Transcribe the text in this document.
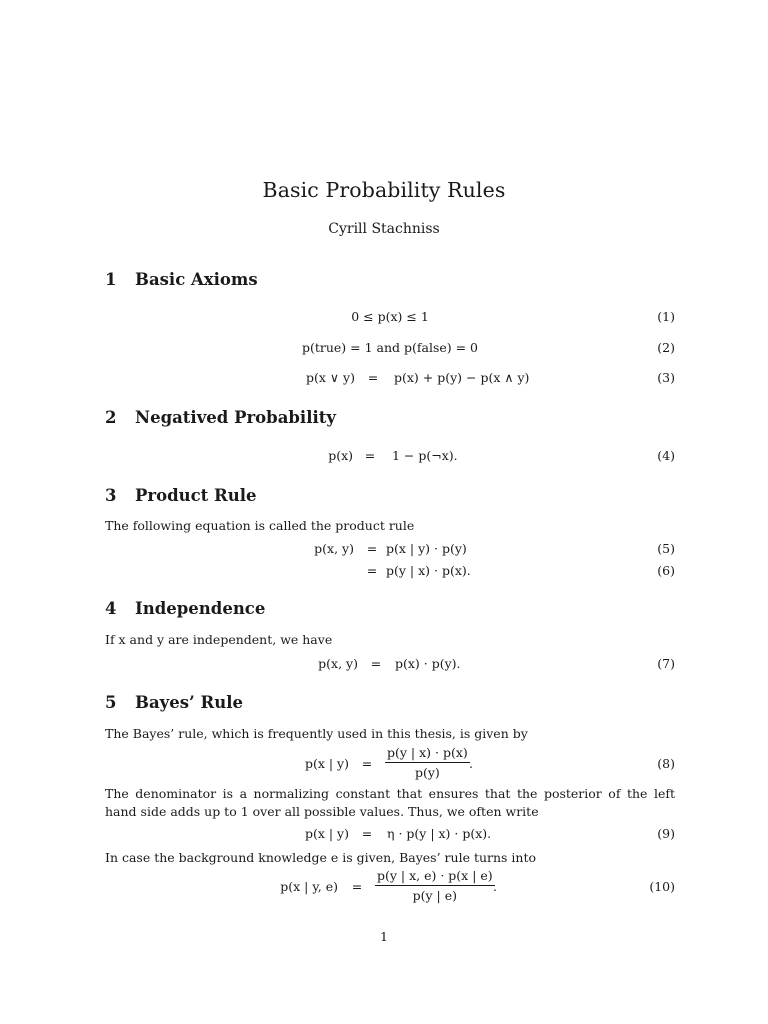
Basic Probability Rules
Cyrill Stachniss
1 Basic Axioms
0 ≤ p(x) ≤ 1	(1)
p(true) = 1 and p(false) = 0	(2)
p(x ∨ y)	=	p(x) + p(y) − p(x ∧ y)	(3)
2 Negatived Probability
p(x) =	1 − p(¬x).	(4)
3 Product Rule
The following equation is called the product rule
p(x, y)	= p(x | y) · p(y)	(5)
= p(y | x) · p(x).	(6)
4 Independence
If x and y are independent, we have
p(x, y)	=	p(x) · p(y).	(7)
5 Bayes’ Rule
The Bayes’ rule, which is frequently used in this thesis, is given by
p(x | y)	=	$\frac{p(y | x) \cdot p(x)}{p(y)}$ .	(8)
The denominator is a normalizing constant that ensures that the posterior of the left hand side adds up to 1 over all possible values. Thus, we often write
p(x | y)	=	η · p(y | x) · p(x).	(9)
In case the background knowledge e is given, Bayes’ rule turns into
p(x | y, e)	=	$\frac{p(y | x, e) \cdot p(x | e)}{p(y | e)}$
.	(10)
1
